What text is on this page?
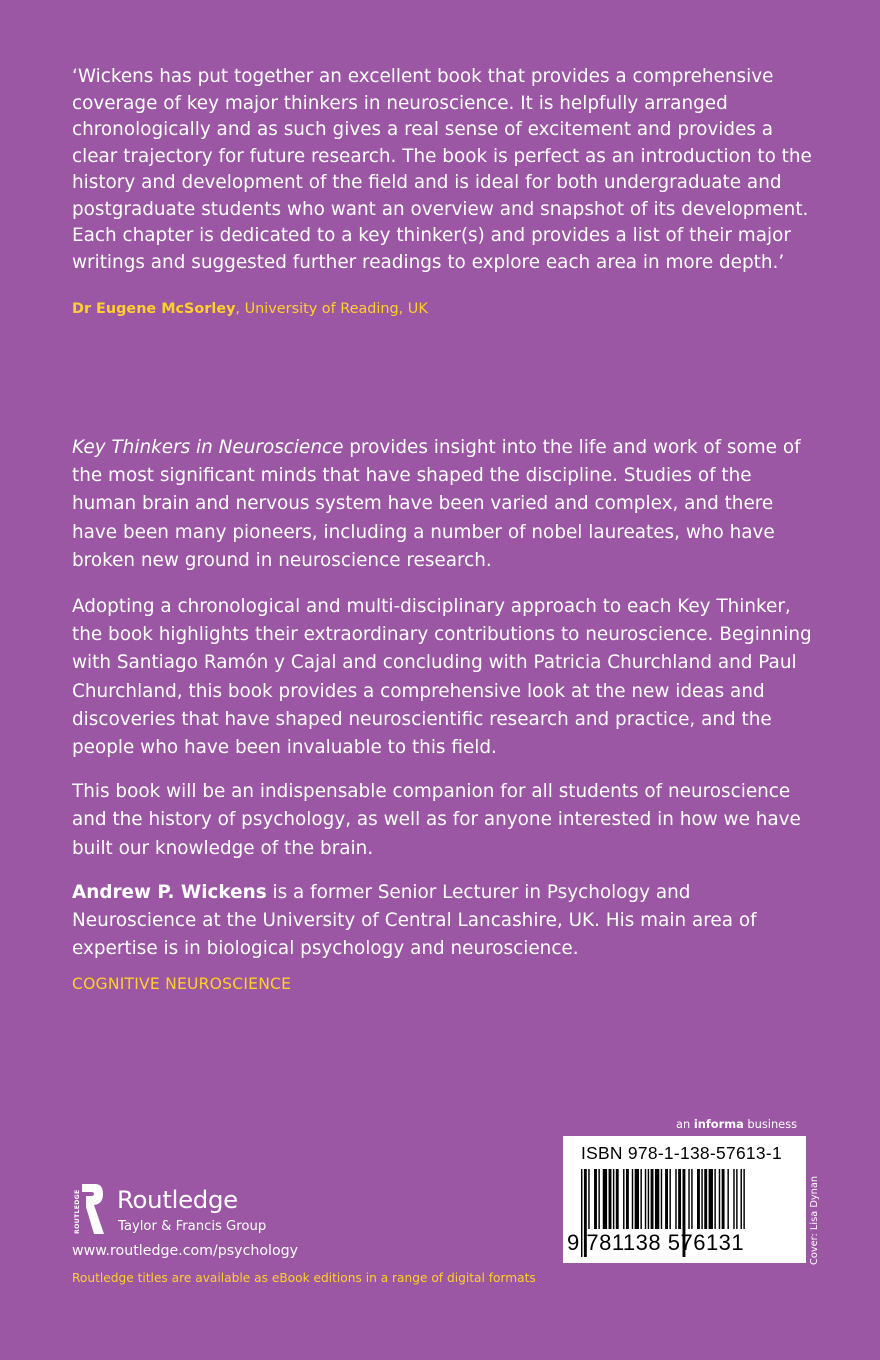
‘Wickens has put together an excellent book that provides a comprehensive coverage of key major thinkers in neuroscience. It is helpfully arranged chronologically and as such gives a real sense of excitement and provides a clear trajectory for future research. The book is perfect as an introduction to the history and development of the field and is ideal for both undergraduate and postgraduate students who want an overview and snapshot of its development. Each chapter is dedicated to a key thinker(s) and provides a list of their major writings and suggested further readings to explore each area in more depth.’

Dr Eugene McSorley, University of Reading, UK

Key Thinkers in Neuroscience provides insight into the life and work of some of the most significant minds that have shaped the discipline. Studies of the human brain and nervous system have been varied and complex, and there have been many pioneers, including a number of nobel laureates, who have broken new ground in neuroscience research.

Adopting a chronological and multi-disciplinary approach to each Key Thinker, the book highlights their extraordinary contributions to neuroscience. Beginning with Santiago Ramón y Cajal and concluding with Patricia Churchland and Paul Churchland, this book provides a comprehensive look at the new ideas and discoveries that have shaped neuroscientific research and practice, and the people who have been invaluable to this field.

This book will be an indispensable companion for all students of neuroscience and the history of psychology, as well as for anyone interested in how we have built our knowledge of the brain.

Andrew P. Wickens is a former Senior Lecturer in Psychology and Neuroscience at the University of Central Lancashire, UK. His main area of expertise is in biological psychology and neuroscience.

COGNITIVE NEUROSCIENCE

an informa business

ISBN 978-1-138-57613-1

9 781138 576131	Cover: Lisa Dynan

ROUTLEDGE Routledge

Taylor & Francis Group

www.routledge.com/psychology

Routledge titles are available as eBook editions in a range of digital formats
